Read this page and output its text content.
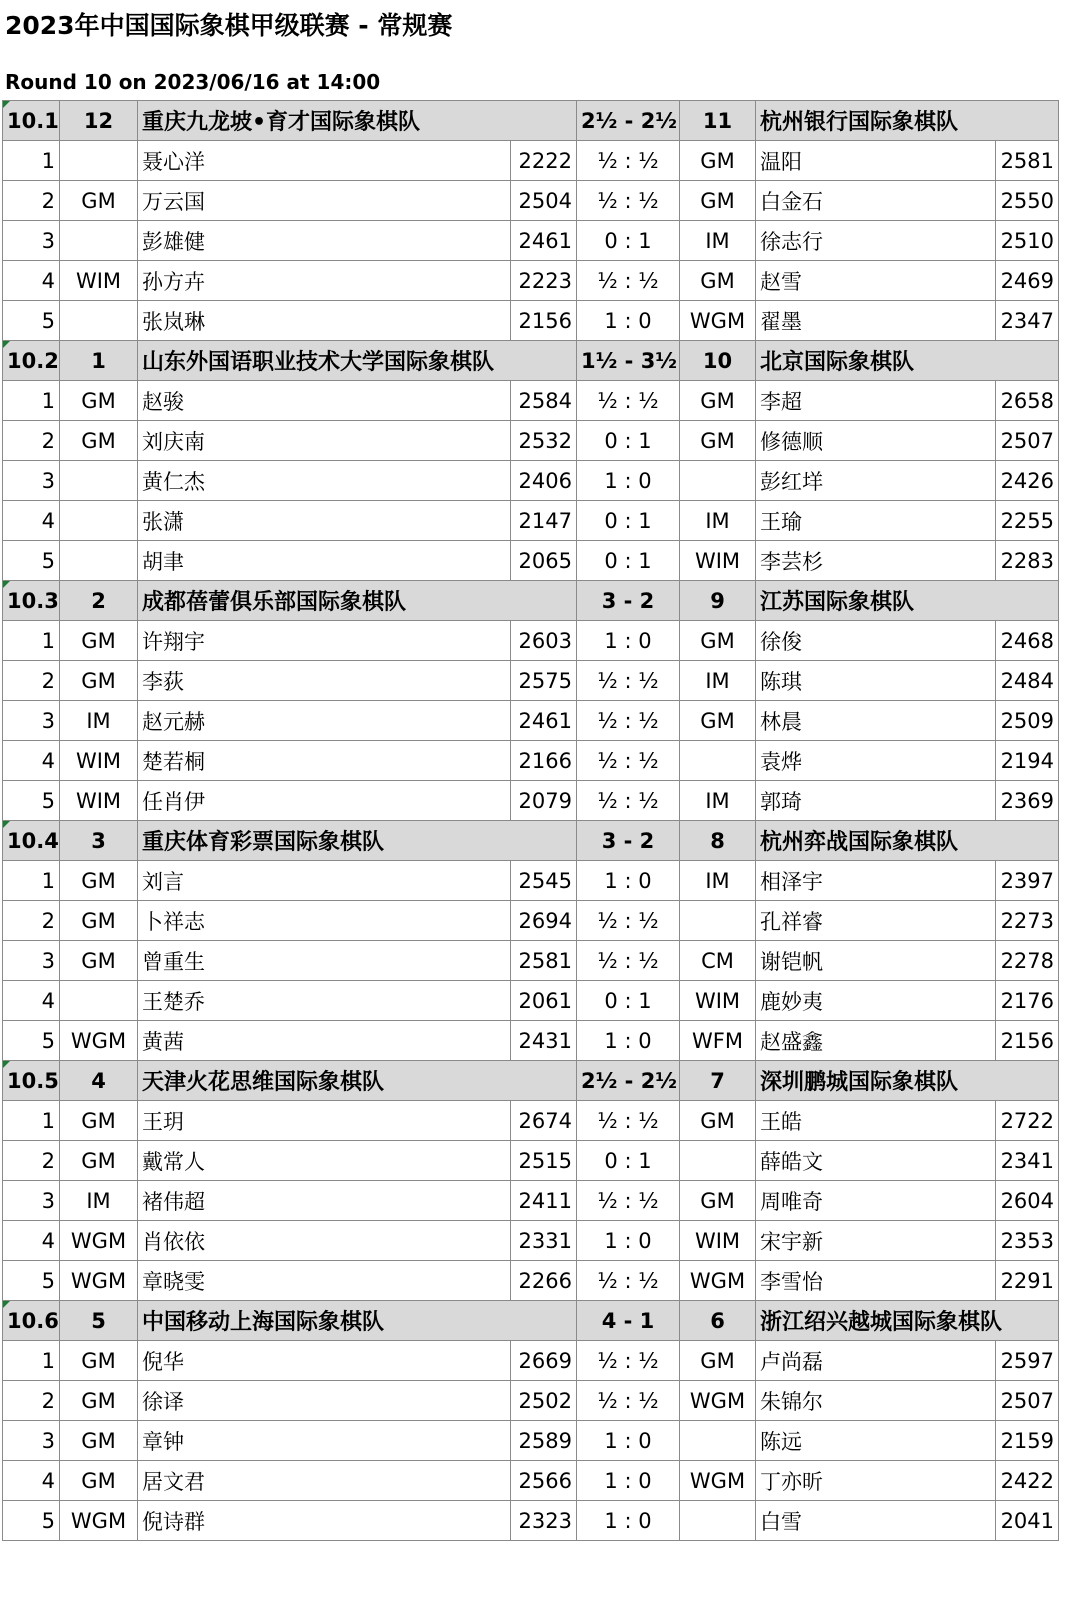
2023年中国国际象棋甲级联赛 - 常规赛
Round 10 on 2023/06/16 at 14:00
10.1	12	重庆九龙坡•育才国际象棋队		2½ - 2½	11	杭州银行国际象棋队	
1		聂心洋	2222	½ : ½	GM	温阳	2581
2	GM	万云国	2504	½ : ½	GM	白金石	2550
3		彭雄健	2461	0 : 1	IM	徐志行	2510
4	WIM	孙方卉	2223	½ : ½	GM	赵雪	2469
5		张岚琳	2156	1 : 0	WGM	翟墨	2347
10.2	1	山东外国语职业技术大学国际象棋队		1½ - 3½	10	北京国际象棋队	
1	GM	赵骏	2584	½ : ½	GM	李超	2658
2	GM	刘庆南	2532	0 : 1	GM	修德顺	2507
3		黄仁杰	2406	1 : 0		彭红垟	2426
4		张潇	2147	0 : 1	IM	王瑜	2255
5		胡聿	2065	0 : 1	WIM	李芸杉	2283
10.3	2	成都蓓蕾俱乐部国际象棋队		3 - 2	9	江苏国际象棋队	
1	GM	许翔宇	2603	1 : 0	GM	徐俊	2468
2	GM	李荻	2575	½ : ½	IM	陈琪	2484
3	IM	赵元赫	2461	½ : ½	GM	林晨	2509
4	WIM	楚若桐	2166	½ : ½		袁烨	2194
5	WIM	任肖伊	2079	½ : ½	IM	郭琦	2369
10.4	3	重庆体育彩票国际象棋队		3 - 2	8	杭州弈战国际象棋队	
1	GM	刘言	2545	1 : 0	IM	相泽宇	2397
2	GM	卜祥志	2694	½ : ½		孔祥睿	2273
3	GM	曾重生	2581	½ : ½	CM	谢铠帆	2278
4		王楚乔	2061	0 : 1	WIM	鹿妙夷	2176
5	WGM	黄茜	2431	1 : 0	WFM	赵盛鑫	2156
10.5	4	天津火花思维国际象棋队		2½ - 2½	7	深圳鹏城国际象棋队	
1	GM	王玥	2674	½ : ½	GM	王皓	2722
2	GM	戴常人	2515	0 : 1		薛皓文	2341
3	IM	褚伟超	2411	½ : ½	GM	周唯奇	2604
4	WGM	肖依依	2331	1 : 0	WIM	宋宇新	2353
5	WGM	章晓雯	2266	½ : ½	WGM	李雪怡	2291
10.6	5	中国移动上海国际象棋队		4 - 1	6	浙江绍兴越城国际象棋队	
1	GM	倪华	2669	½ : ½	GM	卢尚磊	2597
2	GM	徐译	2502	½ : ½	WGM	朱锦尔	2507
3	GM	章钟	2589	1 : 0		陈远	2159
4	GM	居文君	2566	1 : 0	WGM	丁亦昕	2422
5	WGM	倪诗群	2323	1 : 0		白雪	2041
